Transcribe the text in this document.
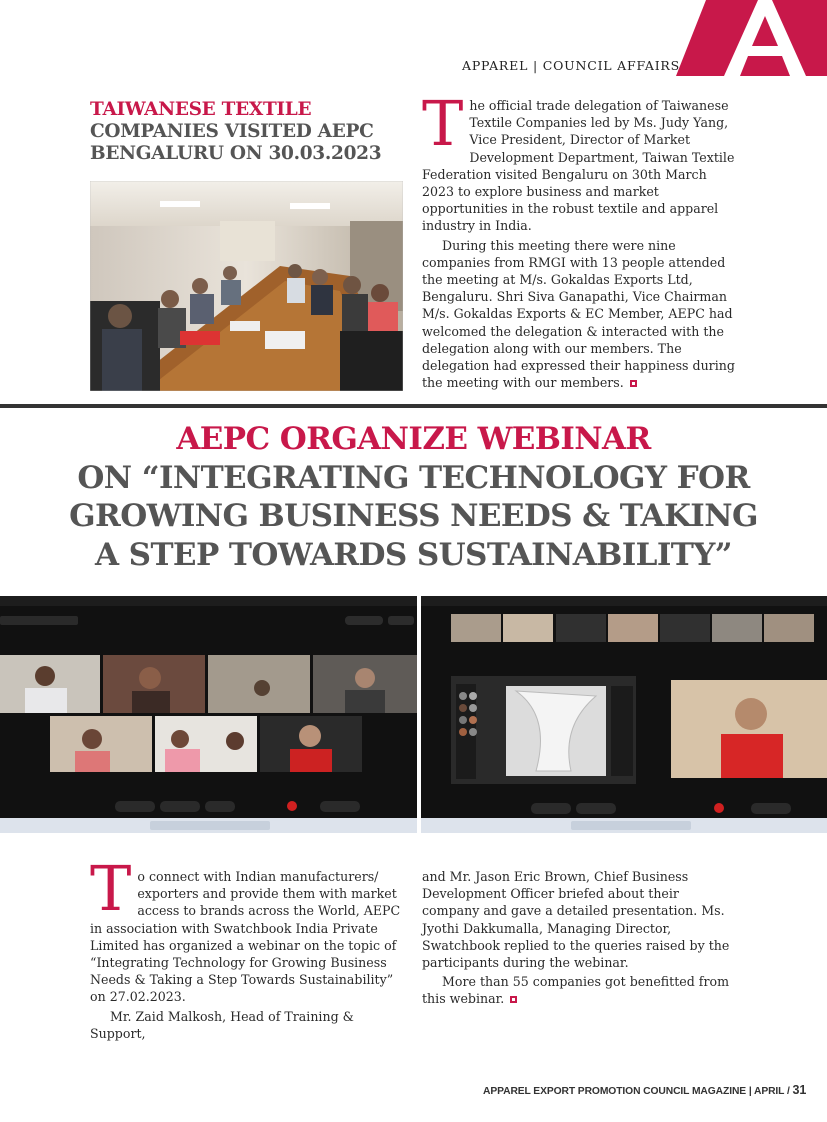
APPAREL | COUNCIL AFFAIRS
TAIWANESE TEXTILE
COMPANIES VISITED AEPC BENGALURU ON 30.03.2023 T he official trade delegation of Taiwanese Textile Companies led by Ms. Judy Yang, Vice President, Director of Market Development Department, Taiwan Textile Federation visited Bengaluru on 30th March 2023 to explore business and market opportunities in the robust textile and apparel industry in India.

During this meeting there were nine companies from RMGI with 13 people attended the meeting at M/s. Gokaldas Exports Ltd, Bengaluru. Shri Siva Ganapathi, Vice Chairman M/s. Gokaldas Exports & EC Member, AEPC had welcomed the delegation & interacted with the delegation along with our members. The delegation had expressed their happiness during the meeting with our members.

AEPC ORGANIZE WEBINAR
ON “INTEGRATING TECHNOLOGY FOR
GROWING BUSINESS NEEDS & TAKING
A STEP TOWARDS SUSTAINABILITY”
T o connect with Indian manufacturers/ exporters and provide them with market access to brands across the World, AEPC in association with Swatchbook India Private Limited has organized a webinar on the topic of “Integrating Technology for Growing Business Needs & Taking a Step Towards Sustainability” on 27.02.2023.

Mr. Zaid Malkosh, Head of Training & Support,

and Mr. Jason Eric Brown, Chief Business Development Officer briefed about their company and gave a detailed presentation. Ms. Jyothi Dakkumalla, Managing Director, Swatchbook replied to the queries raised by the participants during the webinar.

More than 55 companies got benefitted from this webinar.

APPAREL EXPORT PROMOTION COUNCIL MAGAZINE | APRIL / 31
